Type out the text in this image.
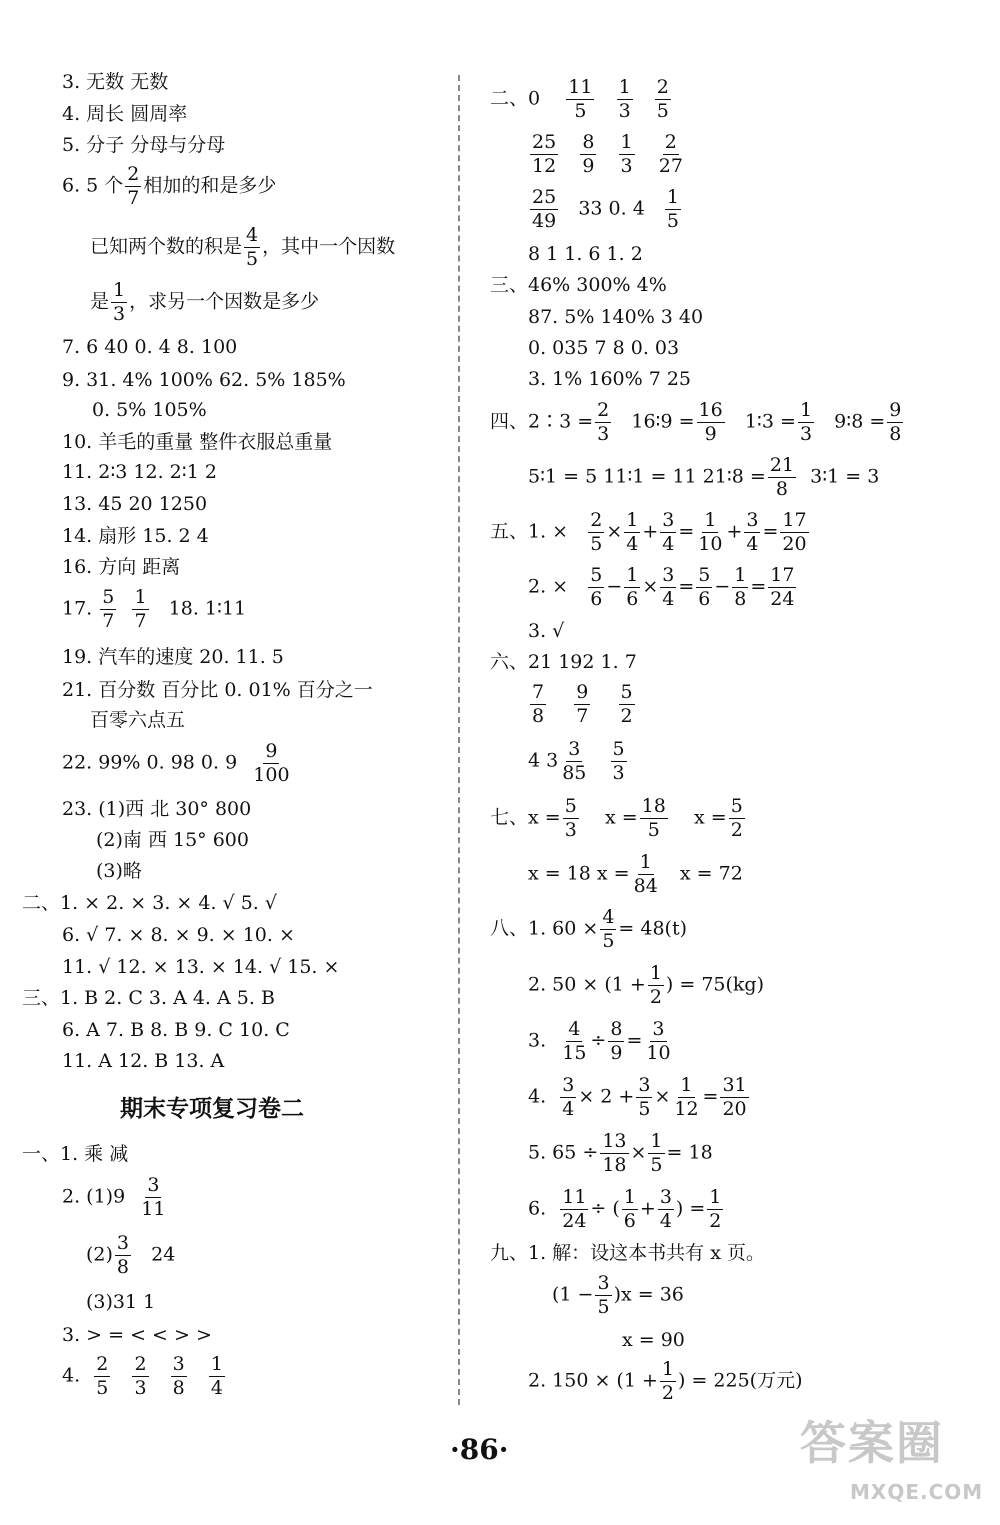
3. 无数 无数
4. 周长 圆周率
5. 分子 分母与分母
6. 5 个 $\frac{2}{7}$ 相加的和是多少
已知两个数的积是 $\frac{4}{5}$ ，其中一个因数
是 $\frac{1}{3}$ ，求另一个因数是多少
7. 6 40 0. 4 8. 100
9. 31. 4% 100% 62. 5% 185%
0. 5% 105%
10. 羊毛的重量 整件衣服总重量
11. 2∶3 12. 2∶1 2
13. 45 20 1250
14. 扇形 15. 2 4
16. 方向 距离
17. $\frac{5}{7}$
$\frac{1}{7} 18$. 1∶11
19. 汽车的速度 20. 11. 5
21. 百分数 百分比 0. 01% 百分之一
百零六点五
22. 99% 0. 98 0. $9 \frac{9}{100}$
23. (1)西 北 30° 800
(2)南 西 15° 600
(3)略
二、1. × 2. × 3. × 4. √ 5. √
6. √ 7. × 8. × 9. × 10. ×
11. √ 12. × 13. × 14. √ 15. ×
三、1. B 2. C 3. A 4. A 5. B
6. A 7. B 8. B 9. C 10. C
11. A 12. B 13. A
期末专项复习卷二
一、1. 乘 减
2. $(1)9 \frac{3}{11}$
$(2) \frac{3}{8} 24$
(3)31 1
3. > = < < > >
4. $\frac{2}{5}$
$\frac{2}{3}$
$\frac{3}{8}$
$\frac{1}{4}$
二、$0 \frac{11}{5}$
$\frac{1}{3}$
$\frac{2}{5}$
$\frac{25}{12}$
$\frac{8}{9}$
$\frac{1}{3}$
$\frac{2}{27}$
$\frac{25}{49} 33$ 0. $4 \frac{1}{5}$
8 1 1. 6 1. 2
三、46% 300% 4%
87. 5% 140% 3 40
0. 035 7 8 0. 03
3. 1% 160% 7 25
四、2∶3 = $\frac{2}{3}$ 16∶9 = $\frac{16}{9}$ 1∶3 = $\frac{1}{3}$ 9∶8 = $\frac{9}{8}$
5∶1 = 5 11∶1 = 11 21∶8 = $\frac{21}{8}$ 3∶1 = 3
五、1. × $\frac{2}{5} \times \frac{1}{4} + \frac{3}{4} = \frac{1}{10} + \frac{3}{4} = \frac{17}{20}$
2. × $\frac{5}{6} - \frac{1}{6} \times \frac{3}{4} = \frac{5}{6} - \frac{1}{8} = \frac{17}{24}$
3. √
六、21 192 1. 7
$\frac{7}{8}$
$\frac{9}{7}$
$\frac{5}{2}$
4 $3 \frac{3}{85}$
$\frac{5}{3}$
七、$x = \frac{5}{3}$ $x = \frac{18}{5}$ $x = \frac{5}{2}$
x = 18 $x = \frac{1}{84}$ x = 72
八、1. $60 \times \frac{4}{5} = 48(t)$
2. $50 \times (1 + \frac{1}{2}$ ) = 75(kg)
3. $\frac{4}{15} \div \frac{8}{9} = \frac{3}{10}$
4. $\frac{3}{4} \times 2 + \frac{3}{5} \times \frac{1}{12} = \frac{31}{20}$
5. $65 \div \frac{13}{18} \times \frac{1}{5} = 18$
6. $\frac{11}{24}$ ÷ ( $\frac{1}{6} + \frac{3}{4}$ ) = $\frac{1}{2}$
九、1. 解：设这本书共有 x 页。
$(1 - \frac{3}{5} )x = 36$
x = 90
2. $150 \times (1 + \frac{1}{2}$ ) = 225(万元)
·86·	答案圈
MXQE.COM
